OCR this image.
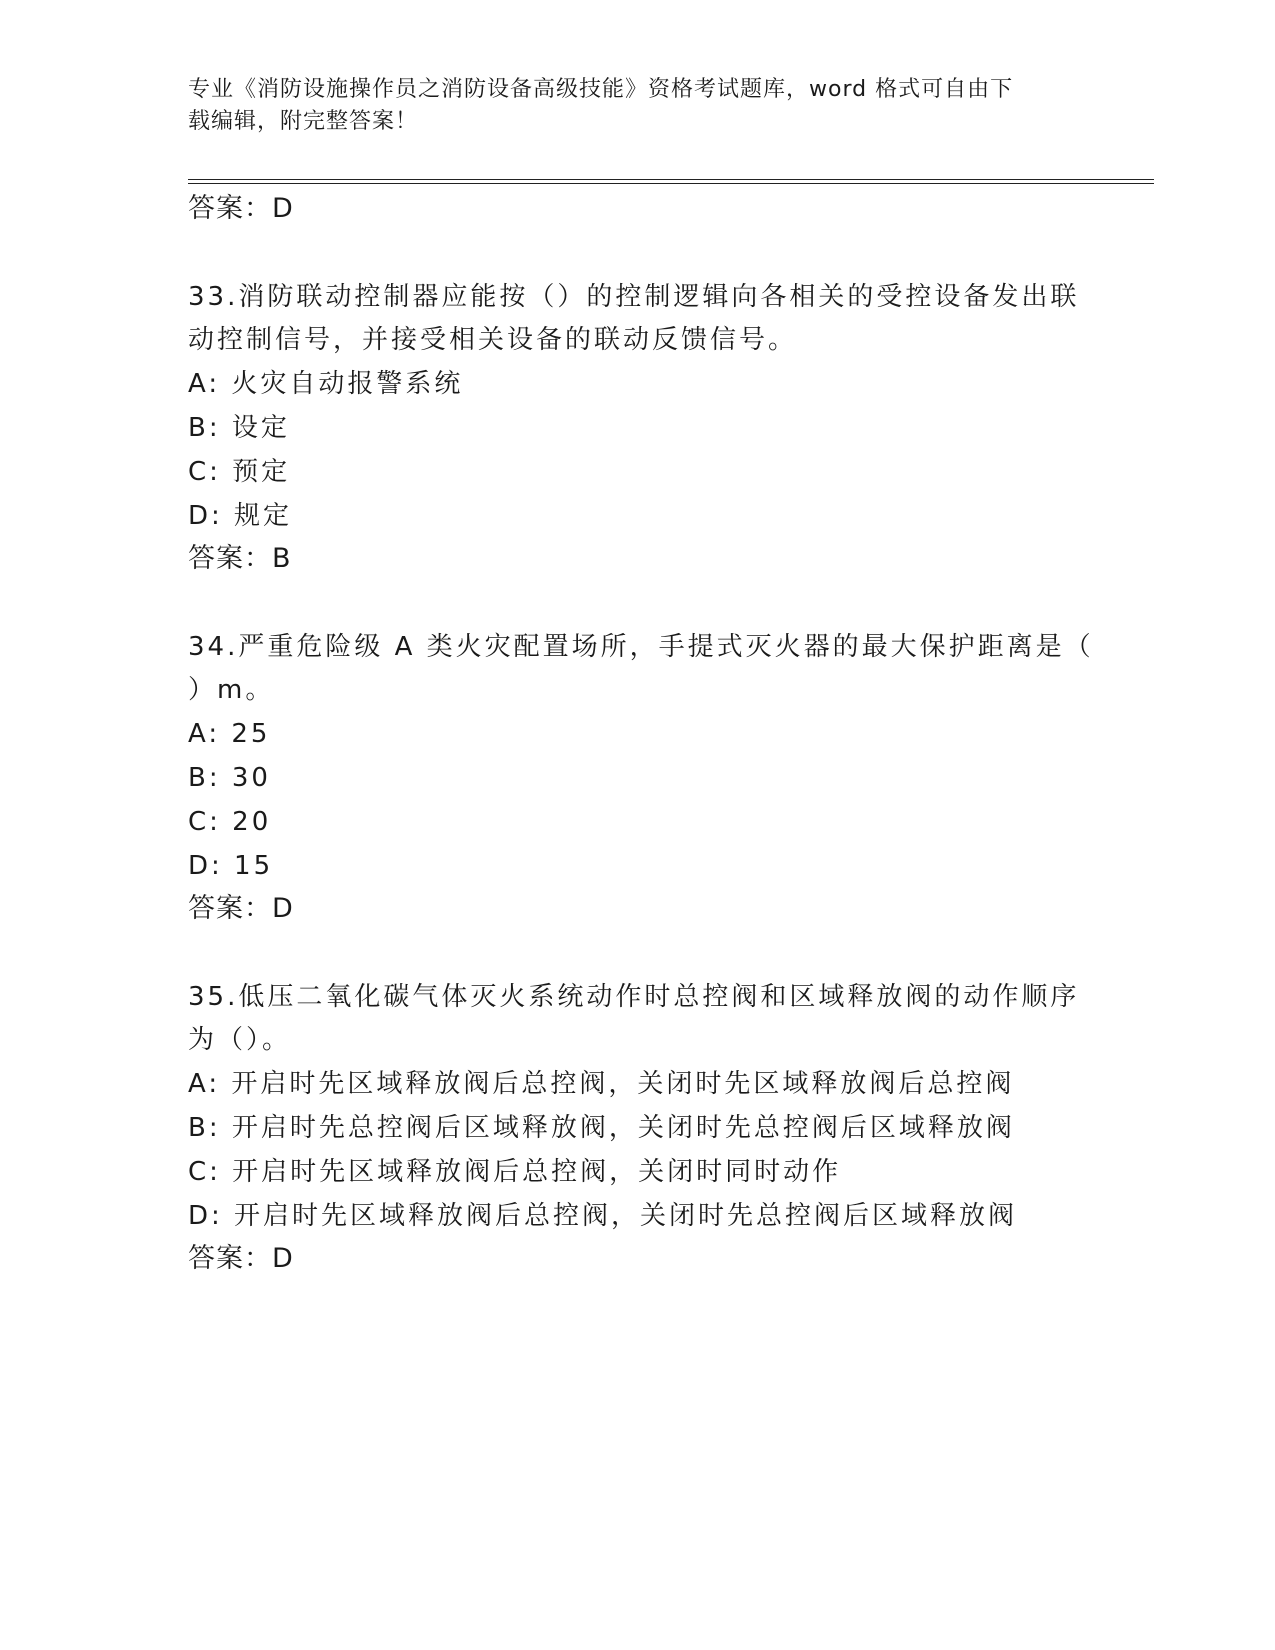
专业《消防设施操作员之消防设备高级技能》资格考试题库，word 格式可自由下
载编辑，附完整答案！
答案：D
33.消防联动控制器应能按（）的控制逻辑向各相关的受控设备发出联
动控制信号，并接受相关设备的联动反馈信号。
A: 火灾自动报警系统
B: 设定
C: 预定
D: 规定
答案：B
34.严重危险级 A 类火灾配置场所，手提式灭火器的最大保护距离是（
）m。
A: 25
B: 30
C: 20
D: 15
答案：D
35.低压二氧化碳气体灭火系统动作时总控阀和区域释放阀的动作顺序
为（）。
A: 开启时先区域释放阀后总控阀，关闭时先区域释放阀后总控阀
B: 开启时先总控阀后区域释放阀，关闭时先总控阀后区域释放阀
C: 开启时先区域释放阀后总控阀，关闭时同时动作
D: 开启时先区域释放阀后总控阀，关闭时先总控阀后区域释放阀
答案：D
